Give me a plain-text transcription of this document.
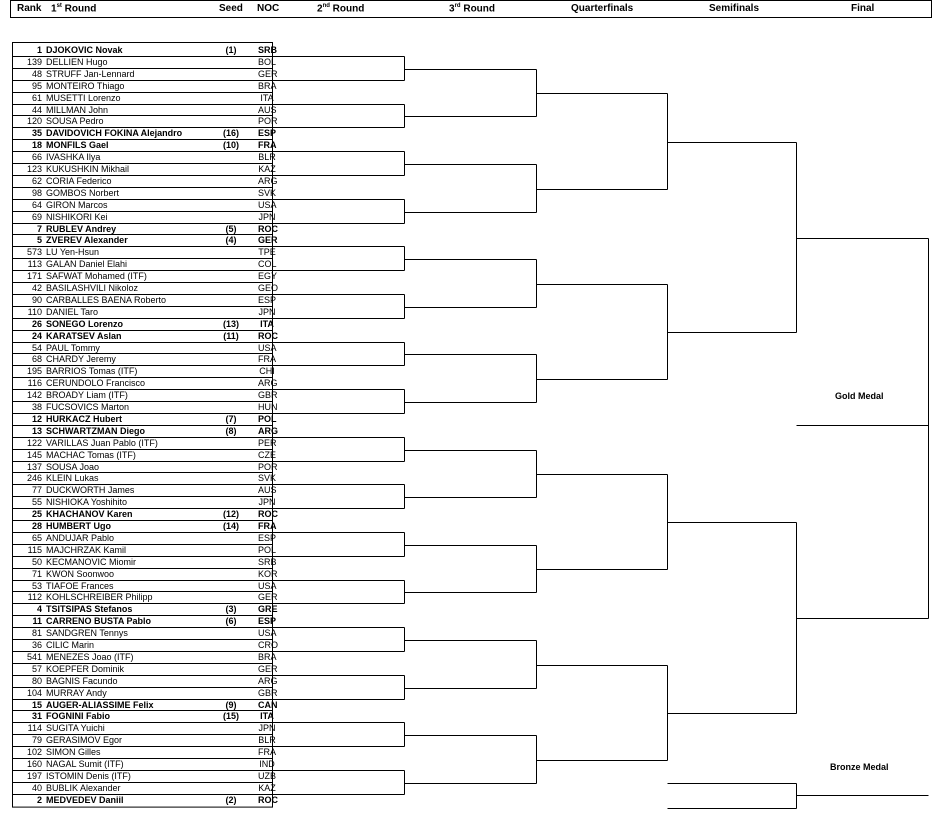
Rank 1st Round	Seed NOC	2nd Round	3rd Round	Quarterfinals	Semifinals	Final
1 DJOKOVIC Novak	(1)	SRB
139 DELLIEN Hugo	BOL
48 STRUFF Jan-Lennard	GER
95 MONTEIRO Thiago	BRA
61 MUSETTI Lorenzo	ITA
44 MILLMAN John	AUS
120 SOUSA Pedro	POR
35 DAVIDOVICH FOKINA Alejandro	(16)	ESP
18 MONFILS Gael	(10)	FRA
66 IVASHKA Ilya	BLR
123 KUKUSHKIN Mikhail	KAZ
62 CORIA Federico	ARG
98 GOMBOS Norbert	SVK
64 GIRON Marcos	USA
69 NISHIKORI Kei	JPN
7 RUBLEV Andrey	(5)	ROC
5 ZVEREV Alexander	(4)	GER
573 LU Yen-Hsun	TPE
113 GALAN Daniel Elahi	COL
171 SAFWAT Mohamed (ITF)	EGY
42 BASILASHVILI Nikoloz	GEO
90 CARBALLES BAENA Roberto	ESP
110 DANIEL Taro	JPN
26 SONEGO Lorenzo	(13)	ITA
24 KARATSEV Aslan	(11)	ROC
54 PAUL Tommy	USA
68 CHARDY Jeremy	FRA
195 BARRIOS Tomas (ITF)	CHI
116 CERUNDOLO Francisco	ARG
142 BROADY Liam (ITF)	GBR
38 FUCSOVICS Marton	HUN
12 HURKACZ Hubert	(7)	POL
13 SCHWARTZMAN Diego	(8)	ARG
122 VARILLAS Juan Pablo (ITF)	PER
145 MACHAC Tomas (ITF)	CZE
137 SOUSA Joao	POR
246 KLEIN Lukas	SVK
77 DUCKWORTH James	AUS
55 NISHIOKA Yoshihito	JPN
25 KHACHANOV Karen	(12)	ROC
28 HUMBERT Ugo	(14)	FRA
65 ANDUJAR Pablo	ESP
115 MAJCHRZAK Kamil	POL
50 KECMANOVIC Miomir	SRB
71 KWON Soonwoo	KOR
53 TIAFOE Frances	USA
112 KOHLSCHREIBER Philipp	GER
4 TSITSIPAS Stefanos	(3)	GRE
11 CARRENO BUSTA Pablo	(6)	ESP
81 SANDGREN Tennys	USA
36 CILIC Marin	CRO
541 MENEZES Joao (ITF)	BRA
57 KOEPFER Dominik	GER
80 BAGNIS Facundo	ARG
104 MURRAY Andy	GBR
15 AUGER-ALIASSIME Felix	(9)	CAN
31 FOGNINI Fabio	(15)	ITA
114 SUGITA Yuichi	JPN
79 GERASIMOV Egor	BLR
102 SIMON Gilles	FRA
160 NAGAL Sumit (ITF)	IND
197 ISTOMIN Denis (ITF)	UZB
40 BUBLIK Alexander	KAZ
2 MEDVEDEV Daniil	(2)	ROC
Gold Medal
Bronze Medal
